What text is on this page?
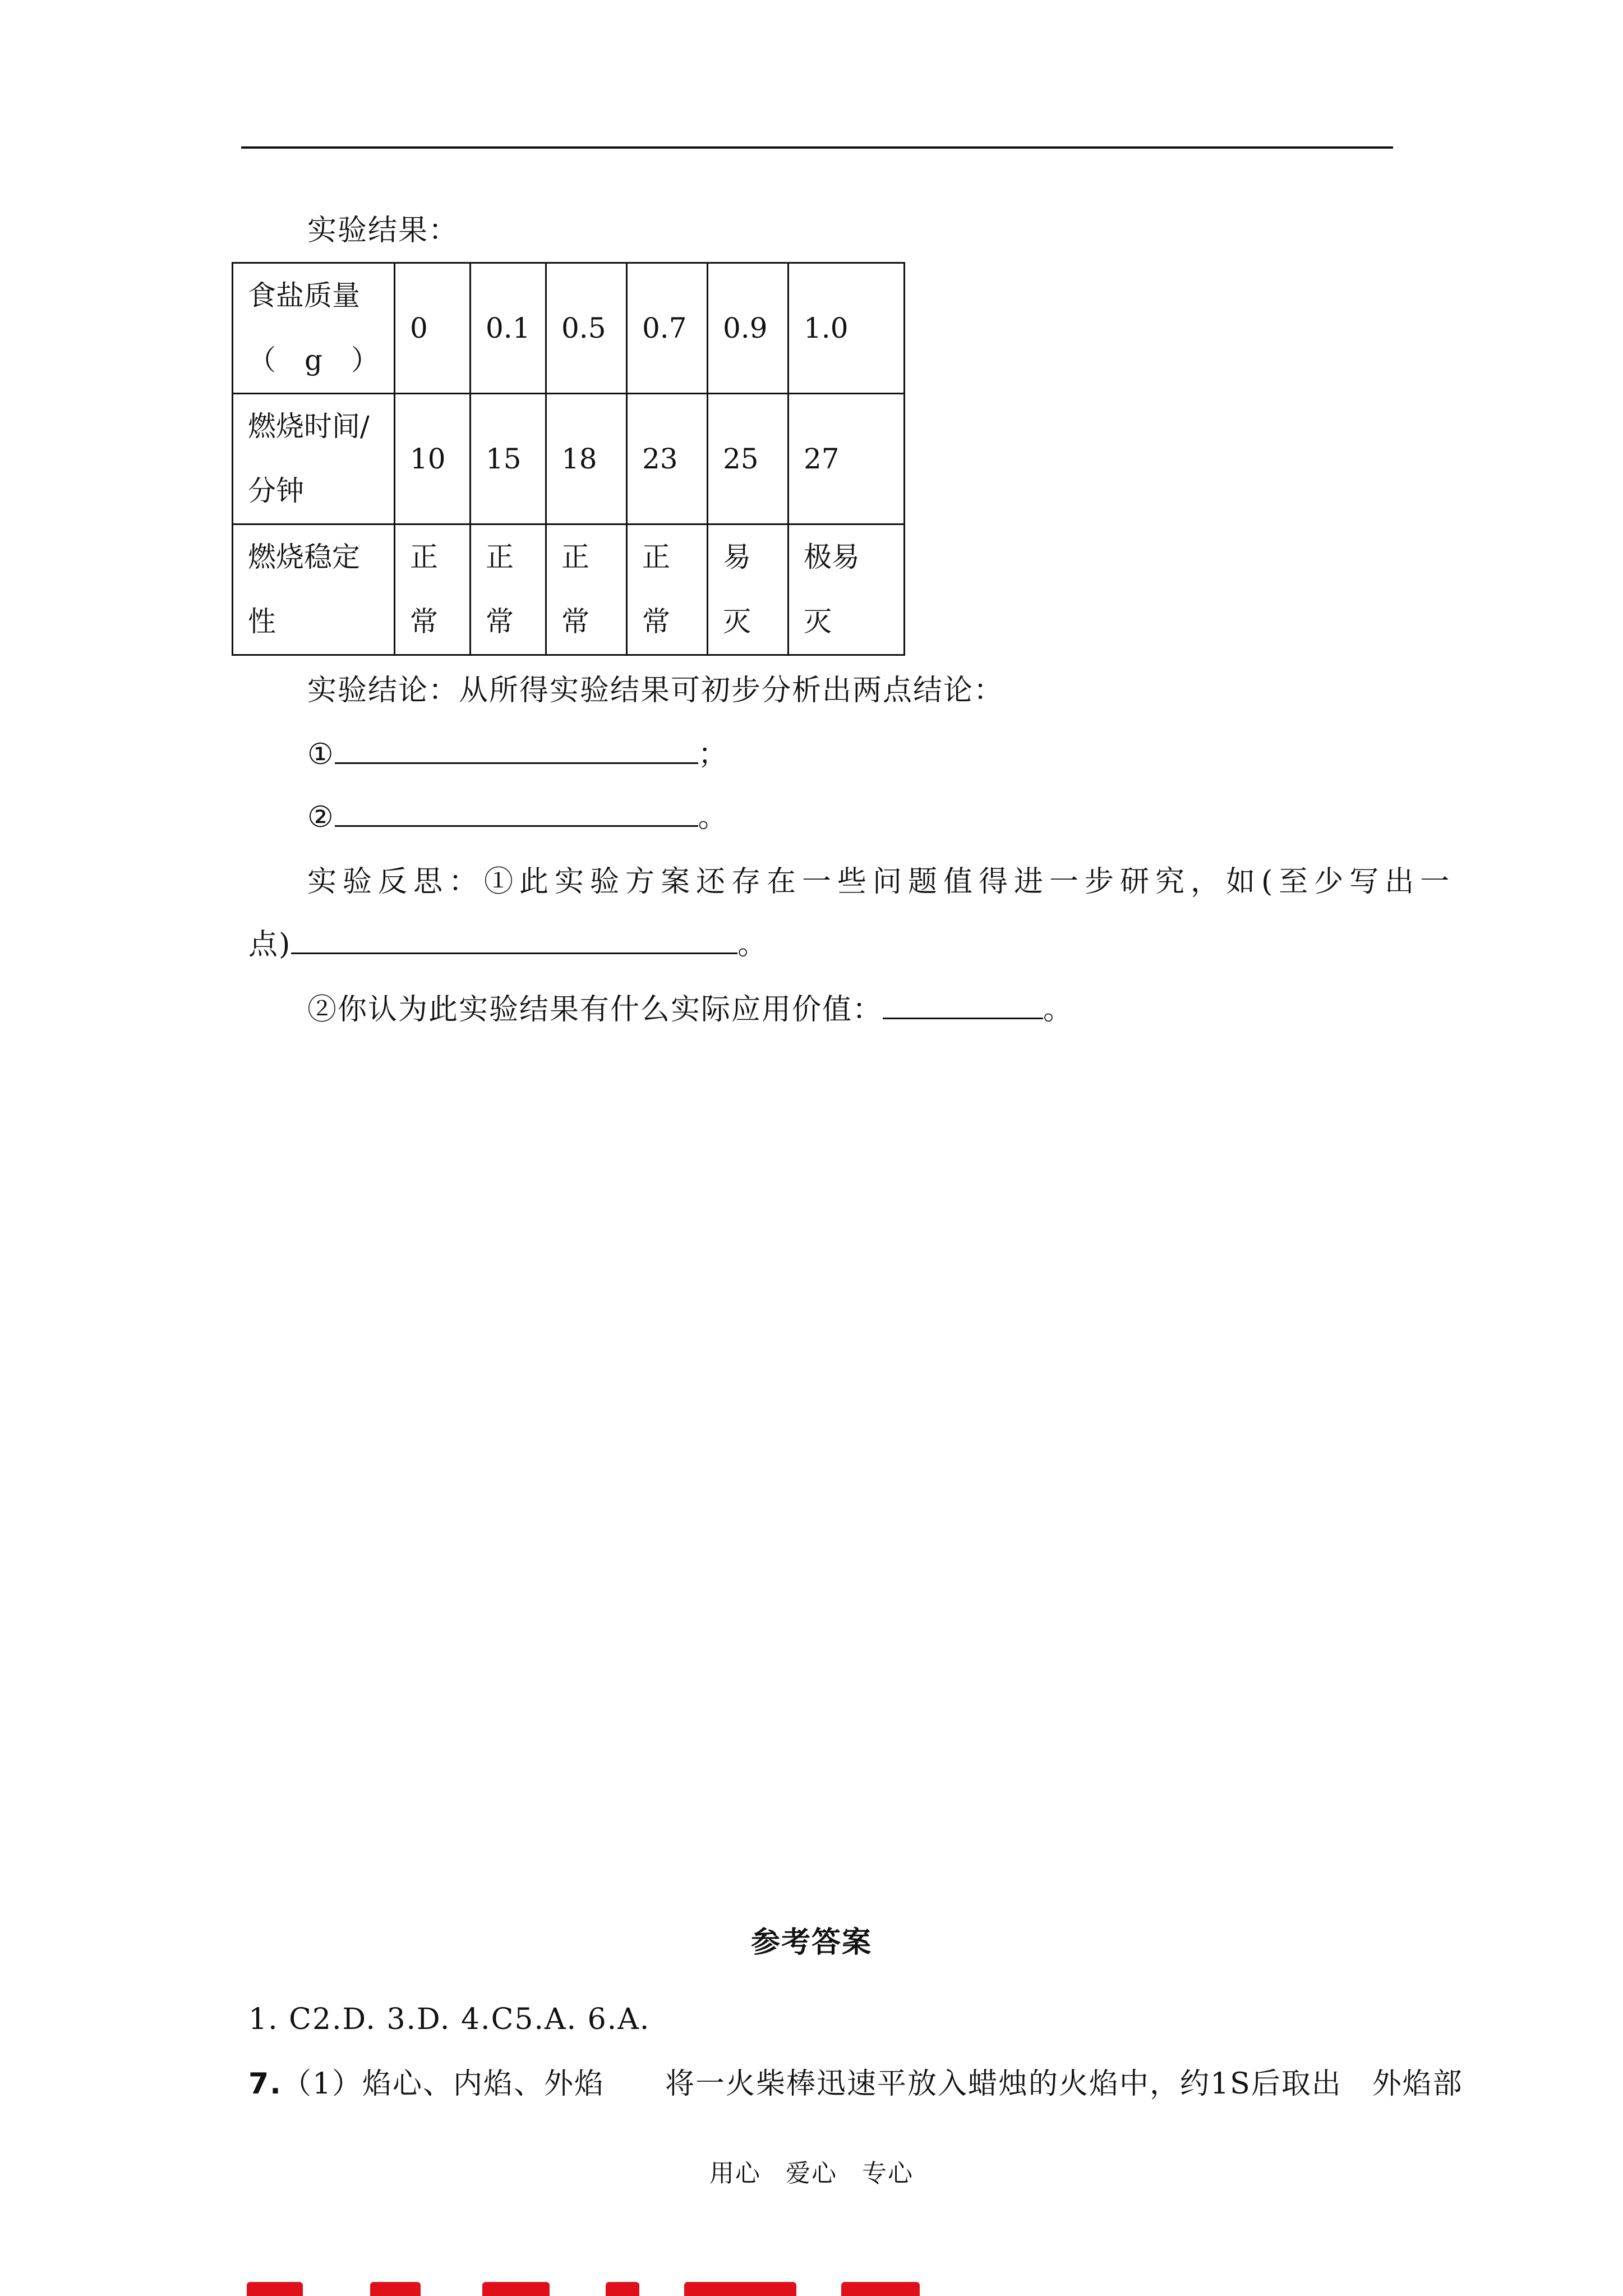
实验结果：
食盐质量（g）	0	0.1	0.5	0.7	0.9	1.0

燃烧时间/分钟	10	15	18	23	25	27

燃烧稳定性	正常	正常	正常	正常	易灭	极易灭
实验结论：从所得实验结果可初步分析出两点结论：
①	；
②	。
实验反思：①此实验方案还存在一些问题值得进一步研究，如(至少写出一
点)	。
②你认为此实验结果有什么实际应用价值：	。
参考答案
1. C2.D. 3.D. 4.C5.A. 6.A.
7.（1）焰心、内焰、外焰　　将一火柴棒迅速平放入蜡烛的火焰中，约1S后取出　外焰部
用心 爱心 专心
